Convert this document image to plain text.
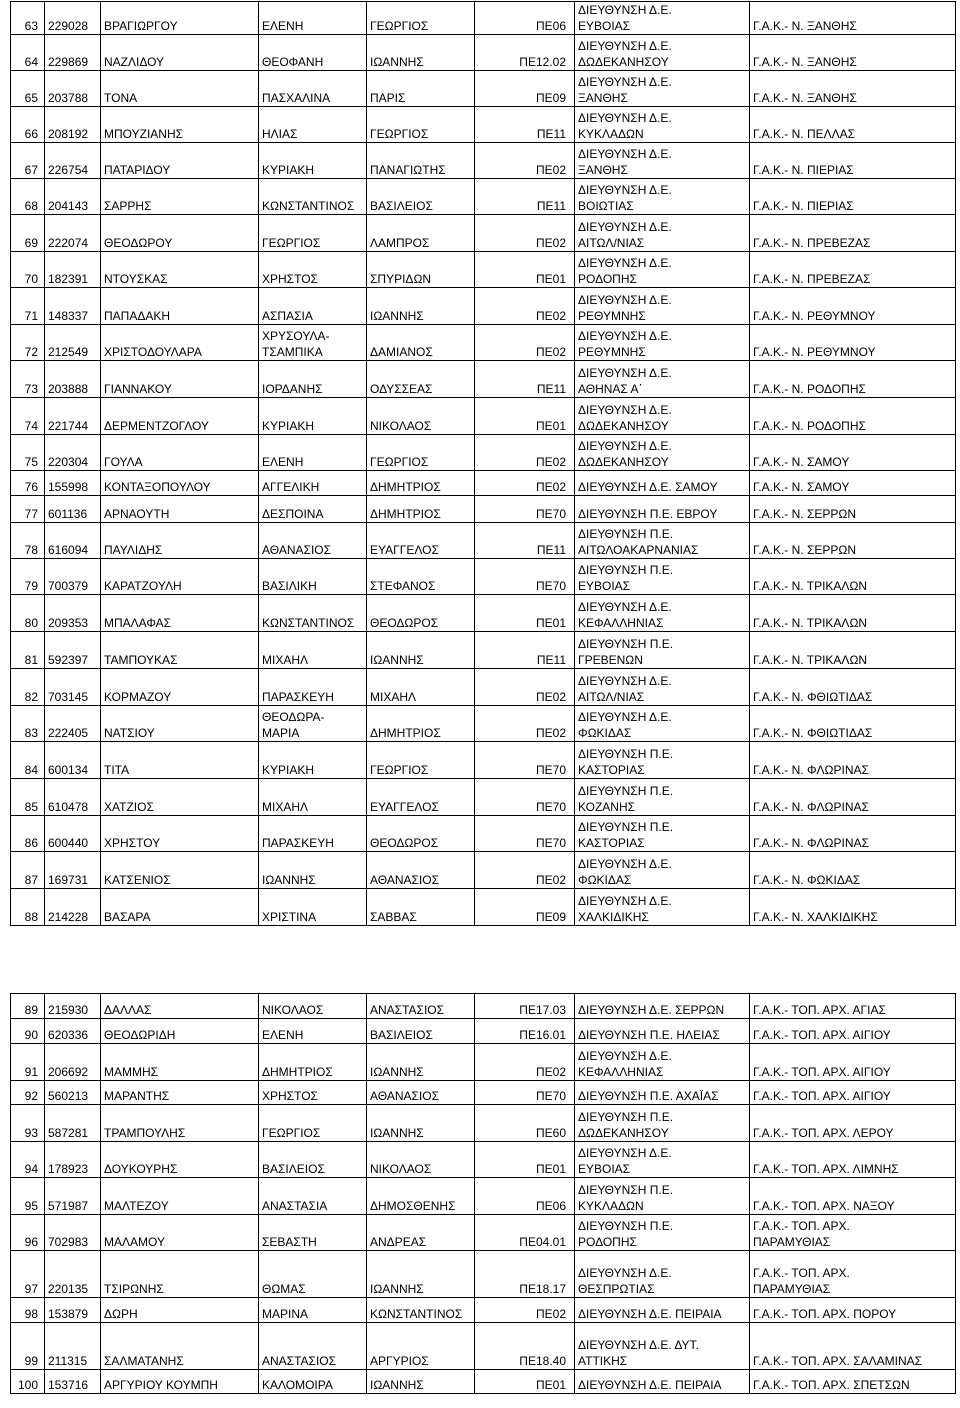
63	229028	ΒΡΑΓΙΩΡΓΟΥ	ΕΛΕΝΗ	ΓΕΩΡΓΙΟΣ	ΠΕ06	ΔΙΕΥΘΥΝΣΗ Δ.Ε.
ΕΥΒΟΙΑΣ	Γ.Α.Κ.- Ν. ΞΑΝΘΗΣ
64	229869	ΝΑΖΛΙΔΟΥ	ΘΕΟΦΑΝΗ	ΙΩΑΝΝΗΣ	ΠΕ12.02	ΔΙΕΥΘΥΝΣΗ Δ.Ε.
ΔΩΔΕΚΑΝΗΣΟΥ	Γ.Α.Κ.- Ν. ΞΑΝΘΗΣ
65	203788	ΤΟΝΑ	ΠΑΣΧΑΛΙΝΑ	ΠΑΡΙΣ	ΠΕ09	ΔΙΕΥΘΥΝΣΗ Δ.Ε.
ΞΑΝΘΗΣ	Γ.Α.Κ.- Ν. ΞΑΝΘΗΣ
66	208192	ΜΠΟΥΖΙΑΝΗΣ	ΗΛΙΑΣ	ΓΕΩΡΓΙΟΣ	ΠΕ11	ΔΙΕΥΘΥΝΣΗ Δ.Ε.
ΚΥΚΛΑΔΩΝ	Γ.Α.Κ.- Ν. ΠΕΛΛΑΣ
67	226754	ΠΑΤΑΡΙΔΟΥ	ΚΥΡΙΑΚΗ	ΠΑΝΑΓΙΩΤΗΣ	ΠΕ02	ΔΙΕΥΘΥΝΣΗ Δ.Ε.
ΞΑΝΘΗΣ	Γ.Α.Κ.- Ν. ΠΙΕΡΙΑΣ
68	204143	ΣΑΡΡΗΣ	ΚΩΝΣΤΑΝΤΙΝΟΣ	ΒΑΣΙΛΕΙΟΣ	ΠΕ11	ΔΙΕΥΘΥΝΣΗ Δ.Ε.
ΒΟΙΩΤΙΑΣ	Γ.Α.Κ.- Ν. ΠΙΕΡΙΑΣ
69	222074	ΘΕΟΔΩΡΟΥ	ΓΕΩΡΓΙΟΣ	ΛΑΜΠΡΟΣ	ΠΕ02	ΔΙΕΥΘΥΝΣΗ Δ.Ε.
ΑΙΤΩΛ/ΝΙΑΣ	Γ.Α.Κ.- Ν. ΠΡΕΒΕΖΑΣ
70	182391	ΝΤΟΥΣΚΑΣ	ΧΡΗΣΤΟΣ	ΣΠΥΡΙΔΩΝ	ΠΕ01	ΔΙΕΥΘΥΝΣΗ Δ.Ε.
ΡΟΔΟΠΗΣ	Γ.Α.Κ.- Ν. ΠΡΕΒΕΖΑΣ
71	148337	ΠΑΠΑΔΑΚΗ	ΑΣΠΑΣΙΑ	ΙΩΑΝΝΗΣ	ΠΕ02	ΔΙΕΥΘΥΝΣΗ Δ.Ε.
ΡΕΘΥΜΝΗΣ	Γ.Α.Κ.- Ν. ΡΕΘΥΜΝΟΥ
72	212549	ΧΡΙΣΤΟΔΟΥΛΑΡΑ	ΧΡΥΣΟΥΛΑ-
ΤΣΑΜΠΙΚΑ	ΔΑΜΙΑΝΟΣ	ΠΕ02	ΔΙΕΥΘΥΝΣΗ Δ.Ε.
ΡΕΘΥΜΝΗΣ	Γ.Α.Κ.- Ν. ΡΕΘΥΜΝΟΥ
73	203888	ΓΙΑΝΝΑΚΟΥ	ΙΟΡΔΑΝΗΣ	ΟΔΥΣΣΕΑΣ	ΠΕ11	ΔΙΕΥΘΥΝΣΗ Δ.Ε.
ΑΘΗΝΑΣ Α΄	Γ.Α.Κ.- Ν. ΡΟΔΟΠΗΣ
74	221744	ΔΕΡΜΕΝΤΖΟΓΛΟΥ	ΚΥΡΙΑΚΗ	ΝΙΚΟΛΑΟΣ	ΠΕ01	ΔΙΕΥΘΥΝΣΗ Δ.Ε.
ΔΩΔΕΚΑΝΗΣΟΥ	Γ.Α.Κ.- Ν. ΡΟΔΟΠΗΣ
75	220304	ΓΟΥΛΑ	ΕΛΕΝΗ	ΓΕΩΡΓΙΟΣ	ΠΕ02	ΔΙΕΥΘΥΝΣΗ Δ.Ε.
ΔΩΔΕΚΑΝΗΣΟΥ	Γ.Α.Κ.- Ν. ΣΑΜΟΥ
76	155998	ΚΟΝΤΑΞΟΠΟΥΛΟΥ	ΑΓΓΕΛΙΚΗ	ΔΗΜΗΤΡΙΟΣ	ΠΕ02	ΔΙΕΥΘΥΝΣΗ Δ.Ε. ΣΑΜΟΥ	Γ.Α.Κ.- Ν. ΣΑΜΟΥ
77	601136	ΑΡΝΑΟΥΤΗ	ΔΕΣΠΟΙΝΑ	ΔΗΜΗΤΡΙΟΣ	ΠΕ70	ΔΙΕΥΘΥΝΣΗ Π.Ε. ΕΒΡΟΥ	Γ.Α.Κ.- Ν. ΣΕΡΡΩΝ
78	616094	ΠΑΥΛΙΔΗΣ	ΑΘΑΝΑΣΙΟΣ	ΕΥΑΓΓΕΛΟΣ	ΠΕ11	ΔΙΕΥΘΥΝΣΗ Π.Ε.
ΑΙΤΩΛΟΑΚΑΡΝΑΝΙΑΣ	Γ.Α.Κ.- Ν. ΣΕΡΡΩΝ
79	700379	ΚΑΡΑΤΖΟΥΛΗ	ΒΑΣΙΛΙΚΗ	ΣΤΕΦΑΝΟΣ	ΠΕ70	ΔΙΕΥΘΥΝΣΗ Π.Ε.
ΕΥΒΟΙΑΣ	Γ.Α.Κ.- Ν. ΤΡΙΚΑΛΩΝ
80	209353	ΜΠΑΛΑΦΑΣ	ΚΩΝΣΤΑΝΤΙΝΟΣ	ΘΕΟΔΩΡΟΣ	ΠΕ01	ΔΙΕΥΘΥΝΣΗ Δ.Ε.
ΚΕΦΑΛΛΗΝΙΑΣ	Γ.Α.Κ.- Ν. ΤΡΙΚΑΛΩΝ
81	592397	ΤΑΜΠΟΥΚΑΣ	ΜΙΧΑΗΛ	ΙΩΑΝΝΗΣ	ΠΕ11	ΔΙΕΥΘΥΝΣΗ Π.Ε.
ΓΡΕΒΕΝΩΝ	Γ.Α.Κ.- Ν. ΤΡΙΚΑΛΩΝ
82	703145	ΚΟΡΜΑΖΟΥ	ΠΑΡΑΣΚΕΥΗ	ΜΙΧΑΗΛ	ΠΕ02	ΔΙΕΥΘΥΝΣΗ Δ.Ε.
ΑΙΤΩΛ/ΝΙΑΣ	Γ.Α.Κ.- Ν. ΦΘΙΩΤΙΔΑΣ
83	222405	ΝΑΤΣΙΟΥ	ΘΕΟΔΩΡΑ-
ΜΑΡΙΑ	ΔΗΜΗΤΡΙΟΣ	ΠΕ02	ΔΙΕΥΘΥΝΣΗ Δ.Ε.
ΦΩΚΙΔΑΣ	Γ.Α.Κ.- Ν. ΦΘΙΩΤΙΔΑΣ
84	600134	ΤΙΤΑ	ΚΥΡΙΑΚΗ	ΓΕΩΡΓΙΟΣ	ΠΕ70	ΔΙΕΥΘΥΝΣΗ Π.Ε.
ΚΑΣΤΟΡΙΑΣ	Γ.Α.Κ.- Ν. ΦΛΩΡΙΝΑΣ
85	610478	ΧΑΤΖΙΟΣ	ΜΙΧΑΗΛ	ΕΥΑΓΓΕΛΟΣ	ΠΕ70	ΔΙΕΥΘΥΝΣΗ Π.Ε.
ΚΟΖΑΝΗΣ	Γ.Α.Κ.- Ν. ΦΛΩΡΙΝΑΣ
86	600440	ΧΡΗΣΤΟΥ	ΠΑΡΑΣΚΕΥΗ	ΘΕΟΔΩΡΟΣ	ΠΕ70	ΔΙΕΥΘΥΝΣΗ Π.Ε.
ΚΑΣΤΟΡΙΑΣ	Γ.Α.Κ.- Ν. ΦΛΩΡΙΝΑΣ
87	169731	ΚΑΤΣΕΝΙΟΣ	ΙΩΑΝΝΗΣ	ΑΘΑΝΑΣΙΟΣ	ΠΕ02	ΔΙΕΥΘΥΝΣΗ Δ.Ε.
ΦΩΚΙΔΑΣ	Γ.Α.Κ.- Ν. ΦΩΚΙΔΑΣ
88	214228	ΒΑΣΑΡΑ	ΧΡΙΣΤΙΝΑ	ΣΑΒΒΑΣ	ΠΕ09	ΔΙΕΥΘΥΝΣΗ Δ.Ε.
ΧΑΛΚΙΔΙΚΗΣ	Γ.Α.Κ.- Ν. ΧΑΛΚΙΔΙΚΗΣ
89	215930	ΔΑΛΛΑΣ	ΝΙΚΟΛΑΟΣ	ΑΝΑΣΤΑΣΙΟΣ	ΠΕ17.03	ΔΙΕΥΘΥΝΣΗ Δ.Ε. ΣΕΡΡΩΝ	Γ.Α.Κ.- ΤΟΠ. ΑΡΧ. ΑΓΙΑΣ

90	620336	ΘΕΟΔΩΡΙΔΗ	ΕΛΕΝΗ	ΒΑΣΙΛΕΙΟΣ	ΠΕ16.01	ΔΙΕΥΘΥΝΣΗ Π.Ε. ΗΛΕΙΑΣ	Γ.Α.Κ.- ΤΟΠ. ΑΡΧ. ΑΙΓΙΟΥ

91	206692	ΜΑΜΜΗΣ	ΔΗΜΗΤΡΙΟΣ	ΙΩΑΝΝΗΣ	ΠΕ02	ΔΙΕΥΘΥΝΣΗ Δ.Ε.
ΚΕΦΑΛΛΗΝΙΑΣ	Γ.Α.Κ.- ΤΟΠ. ΑΡΧ. ΑΙΓΙΟΥ

92	560213	ΜΑΡΑΝΤΗΣ	ΧΡΗΣΤΟΣ	ΑΘΑΝΑΣΙΟΣ	ΠΕ70	ΔΙΕΥΘΥΝΣΗ Π.Ε. ΑΧΑΪΑΣ	Γ.Α.Κ.- ΤΟΠ. ΑΡΧ. ΑΙΓΙΟΥ

93	587281	ΤΡΑΜΠΟΥΛΗΣ	ΓΕΩΡΓΙΟΣ	ΙΩΑΝΝΗΣ	ΠΕ60	ΔΙΕΥΘΥΝΣΗ Π.Ε.
ΔΩΔΕΚΑΝΗΣΟΥ	Γ.Α.Κ.- ΤΟΠ. ΑΡΧ. ΛΕΡΟΥ

94	178923	ΔΟΥΚΟΥΡΗΣ	ΒΑΣΙΛΕΙΟΣ	ΝΙΚΟΛΑΟΣ	ΠΕ01	ΔΙΕΥΘΥΝΣΗ Δ.Ε.
ΕΥΒΟΙΑΣ	Γ.Α.Κ.- ΤΟΠ. ΑΡΧ. ΛΙΜΝΗΣ

95	571987	ΜΑΛΤΕΖΟΥ	ΑΝΑΣΤΑΣΙΑ	ΔΗΜΟΣΘΕΝΗΣ	ΠΕ06	ΔΙΕΥΘΥΝΣΗ Π.Ε.
ΚΥΚΛΑΔΩΝ	Γ.Α.Κ.- ΤΟΠ. ΑΡΧ. ΝΑΞΟΥ

96	702983	ΜΑΛΑΜΟΥ	ΣΕΒΑΣΤΗ	ΑΝΔΡΕΑΣ	ΠΕ04.01	ΔΙΕΥΘΥΝΣΗ Π.Ε.
ΡΟΔΟΠΗΣ	Γ.Α.Κ.- ΤΟΠ. ΑΡΧ.
ΠΑΡΑΜΥΘΙΑΣ

97	220135	ΤΣΙΡΩΝΗΣ	ΘΩΜΑΣ	ΙΩΑΝΝΗΣ	ΠΕ18.17	ΔΙΕΥΘΥΝΣΗ Δ.Ε.
ΘΕΣΠΡΩΤΙΑΣ	Γ.Α.Κ.- ΤΟΠ. ΑΡΧ.
ΠΑΡΑΜΥΘΙΑΣ

98	153879	ΔΩΡΗ	ΜΑΡΙΝΑ	ΚΩΝΣΤΑΝΤΙΝΟΣ	ΠΕ02	ΔΙΕΥΘΥΝΣΗ Δ.Ε. ΠΕΙΡΑΙΑ	Γ.Α.Κ.- ΤΟΠ. ΑΡΧ. ΠΟΡΟΥ

99	211315	ΣΑΛΜΑΤΑΝΗΣ	ΑΝΑΣΤΑΣΙΟΣ	ΑΡΓΥΡΙΟΣ	ΠΕ18.40	ΔΙΕΥΘΥΝΣΗ Δ.Ε. ΔΥΤ.
ΑΤΤΙΚΗΣ	Γ.Α.Κ.- ΤΟΠ. ΑΡΧ. ΣΑΛΑΜΙΝΑΣ

100	153716	ΑΡΓΥΡΙΟΥ ΚΟΥΜΠΗ	ΚΑΛΟΜΟΙΡΑ	ΙΩΑΝΝΗΣ	ΠΕ01	ΔΙΕΥΘΥΝΣΗ Δ.Ε. ΠΕΙΡΑΙΑ	Γ.Α.Κ.- ΤΟΠ. ΑΡΧ. ΣΠΕΤΣΩΝ
